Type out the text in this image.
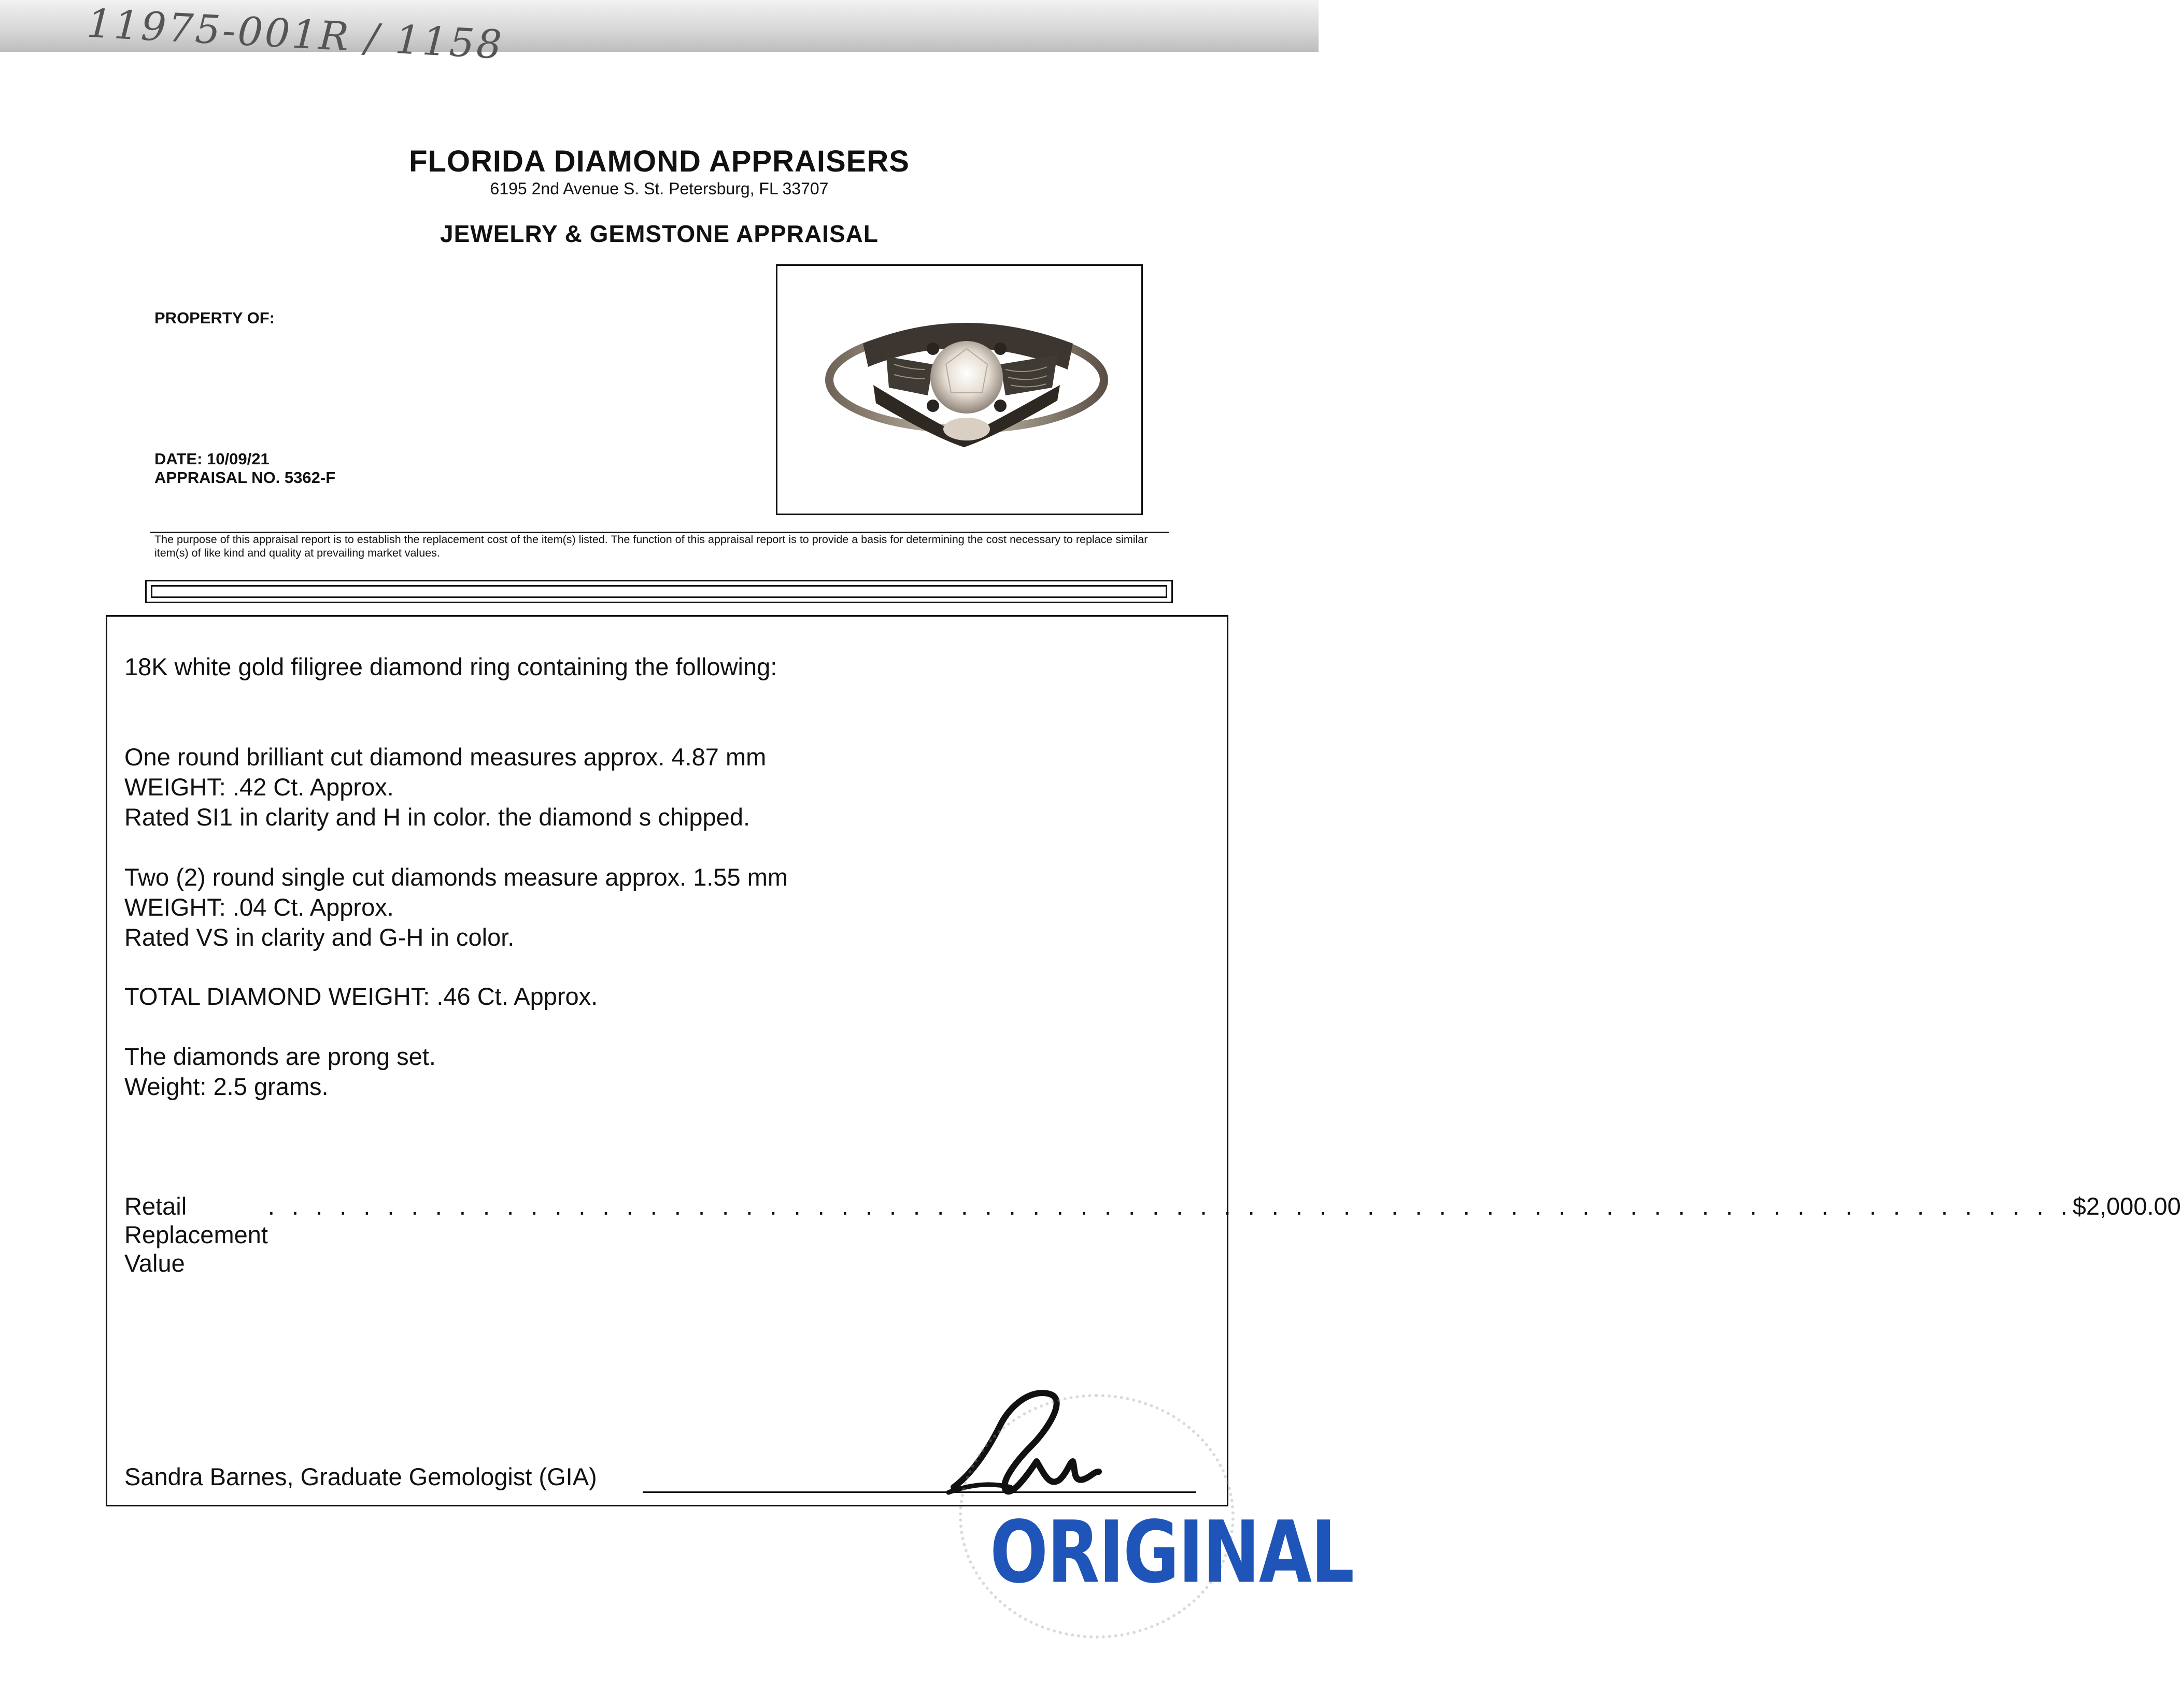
11975-001R / 1158
FLORIDA DIAMOND APPRAISERS
6195 2nd Avenue S. St. Petersburg, FL 33707
JEWELRY & GEMSTONE APPRAISAL
PROPERTY OF:
DATE: 10/09/21
APPRAISAL NO. 5362-F
The purpose of this appraisal report is to establish the replacement cost of the item(s) listed. The function of this appraisal report is to provide a basis for determining the cost necessary to replace similar item(s) of like kind and quality at prevailing market values.
18K white gold filigree diamond ring containing the following:
One round brilliant cut diamond measures approx. 4.87 mm
WEIGHT: .42 Ct. Approx.
Rated SI1 in clarity and H in color. the diamond s chipped.
Two (2) round single cut diamonds measure approx. 1.55 mm
WEIGHT: .04 Ct. Approx.
Rated VS in clarity and G-H in color.
TOTAL DIAMOND WEIGHT: .46 Ct. Approx.
The diamonds are prong set.
Weight: 2.5 grams.
Retail Replacement Value
. . . . . . . . . . . . . . . . . . . . . . . . . . . . . . . . . . . . . . . . . . . . . . . . . . . . . . . . . . . . . . . . . . . . . . . . . . . . $2,000.00
Sandra Barnes, Graduate Gemologist (GIA)
ORIGINAL
